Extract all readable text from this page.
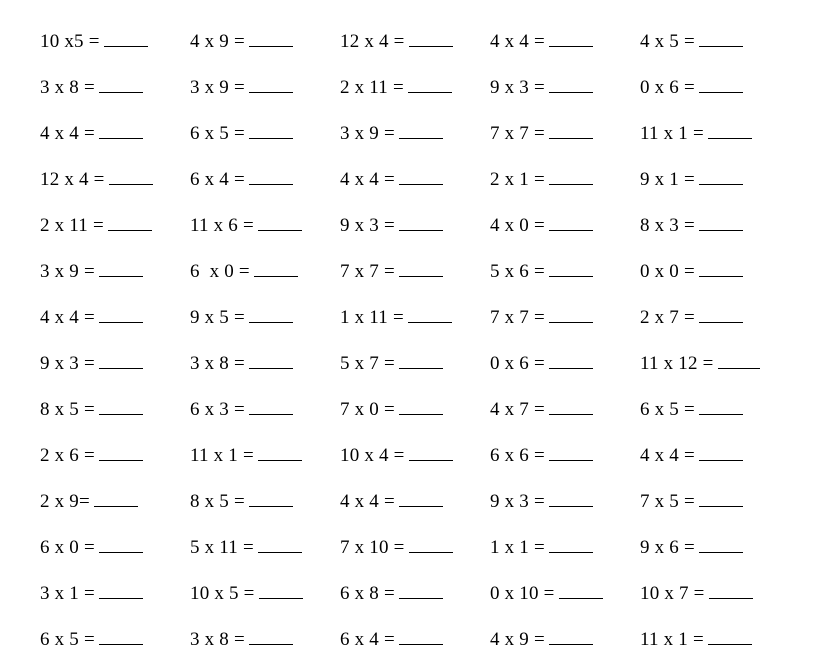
10 x5 =	4 x 9 =	12 x 4 =	4 x 4 =	4 x 5 =
3 x 8 =	3 x 9 =	2 x 11 =	9 x 3 =	0 x 6 =
4 x 4 =	6 x 5 =	3 x 9 =	7 x 7 =	11 x 1 =
12 x 4 =	6 x 4 =	4 x 4 =	2 x 1 =	9 x 1 =
2 x 11 =	11 x 6 =	9 x 3 =	4 x 0 =	8 x 3 =
3 x 9 =	6  x 0 =	7 x 7 =	5 x 6 =	0 x 0 =
4 x 4 =	9 x 5 =	1 x 11 =	7 x 7 =	2 x 7 =
9 x 3 =	3 x 8 =	5 x 7 =	0 x 6 =	11 x 12 =
8 x 5 =	6 x 3 =	7 x 0 =	4 x 7 =	6 x 5 =
2 x 6 =	11 x 1 =	10 x 4 =	6 x 6 =	4 x 4 =
2 x 9=	8 x 5 =	4 x 4 =	9 x 3 =	7 x 5 =
6 x 0 =	5 x 11 =	7 x 10 =	1 x 1 =	9 x 6 =
3 x 1 =	10 x 5 =	6 x 8 =	0 x 10 =	10 x 7 =
6 x 5 =	3 x 8 =	6 x 4 =	4 x 9 =	11 x 1 =
